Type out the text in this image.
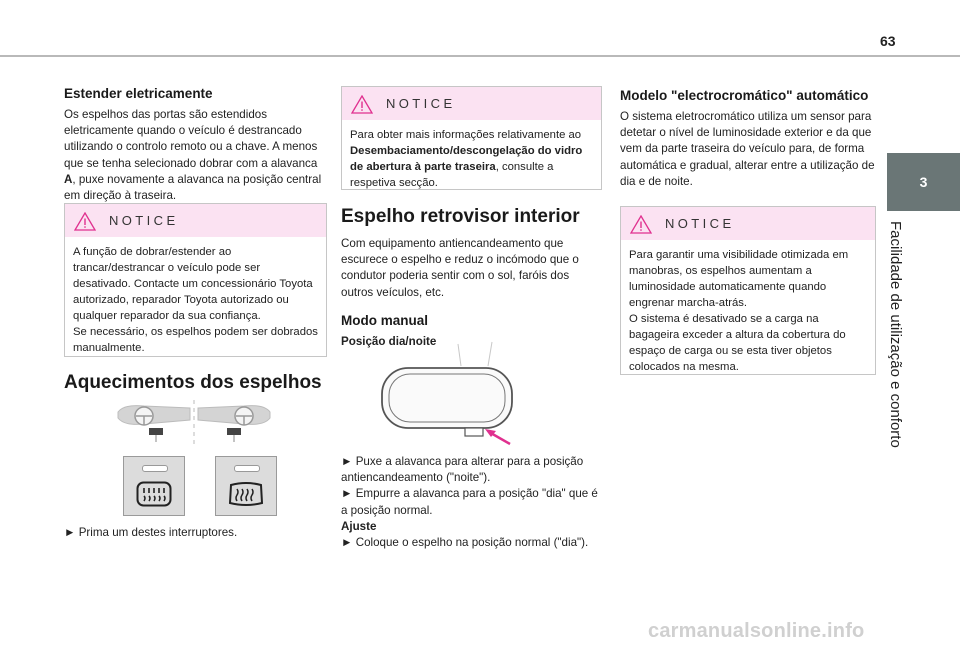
63
3
Facilidade de utilização e conforto
Estender eletricamente

Os espelhos das portas são estendidos eletricamente quando o veículo é destrancado utilizando o controlo remoto ou a chave. A menos que se tenha selecionado dobrar com a alavanca A, puxe novamente a alavanca na posição central em direção à traseira.

NOTICE
A função de dobrar/estender ao trancar/destrancar o veículo pode ser desativado. Contacte um concessionário Toyota autorizado, reparador Toyota autorizado ou qualquer reparador da sua confiança.
Se necessário, os espelhos podem ser dobrados manualmente.
Aquecimentos dos espelhos

► Prima um destes interruptores.

NOTICE
Para obter mais informações relativamente ao Desembaciamento/descongelação do vidro de abertura à parte traseira, consulte a respetiva secção.
Espelho retrovisor interior

Com equipamento antiencandeamento que escurece o espelho e reduz o incómodo que o condutor poderia sentir com o sol, faróis dos outros veículos, etc.

Modo manual

Posição dia/noite

► Puxe a alavanca para alterar para a posição antiencandeamento ("noite").

► Empurre a alavanca para a posição "dia" que é a posição normal.

Ajuste

► Coloque o espelho na posição normal ("dia").

Modelo "electrocromático" automático

O sistema eletrocromático utiliza um sensor para detetar o nível de luminosidade exterior e da que vem da parte traseira do veículo para, de forma automática e gradual, alterar entre a utilização de dia e de noite.

NOTICE
Para garantir uma visibilidade otimizada em manobras, os espelhos aumentam a luminosidade automaticamente quando engrenar marcha-atrás.
O sistema é desativado se a carga na bagageira exceder a altura da cobertura do espaço de carga ou se esta tiver objetos colocados na mesma.
carmanualsonline.info
